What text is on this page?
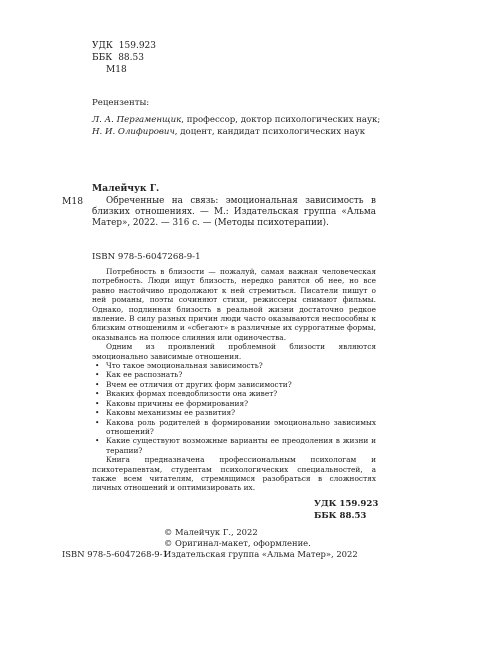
УДК 159.923
ББК 88.53
М18
Рецензенты:
Л. А. Пергаменщик, профессор, доктор психологических наук;
Н. И. Олифирович, доцент, кандидат психологических наук
Малейчук Г.
М18	Обреченные на связь: эмоциональная зависимость в близких отношениях. — М.: Издательская группа «Альма Матер», 2022. — 316 с. — (Методы психотерапии).
ISBN 978-5-6047268-9-1

Потребность в близости — пожалуй, самая важная человеческая потребность. Люди ищут близость, нередко ранятся об нее, но все равно настойчиво продолжают к ней стремиться. Писатели пишут о ней романы, поэты сочиняют стихи, режиссеры снимают фильмы. Однако, подлинная близость в реальной жизни достаточно редкое явление. В силу разных причин люди часто оказываются неспособны к близким отношениям и «сбегают» в различные их суррогатные формы, оказываясь на полюсе слияния или одиночества.

Одним из проявлений проблемной близости являются эмоционально зависимые отношения.

• Что такое эмоциональная зависимость?
• Как ее распознать?
• Вчем ее отличия от других форм зависимости?
• Вкаких формах псевдоблизости она живет?
• Каковы причины ее формирования?
• Каковы механизмы ее развития?
• Какова роль родителей в формировании эмоционально зависимых отношений?
• Какие существуют возможные варианты ее преодоления в жизни и терапии?

Книга предназначена профессиональным психологам и психотерапевтам, студентам психологических специальностей, а также всем читателям, стремящимся разобраться в сложностях личных отношений и оптимизировать их.

УДК 159.923
ББК 88.53
© Малейчук Г., 2022
© Оригинал-макет, оформление.
Издательская группа «Альма Матер», 2022
ISBN 978-5-6047268-9-1
